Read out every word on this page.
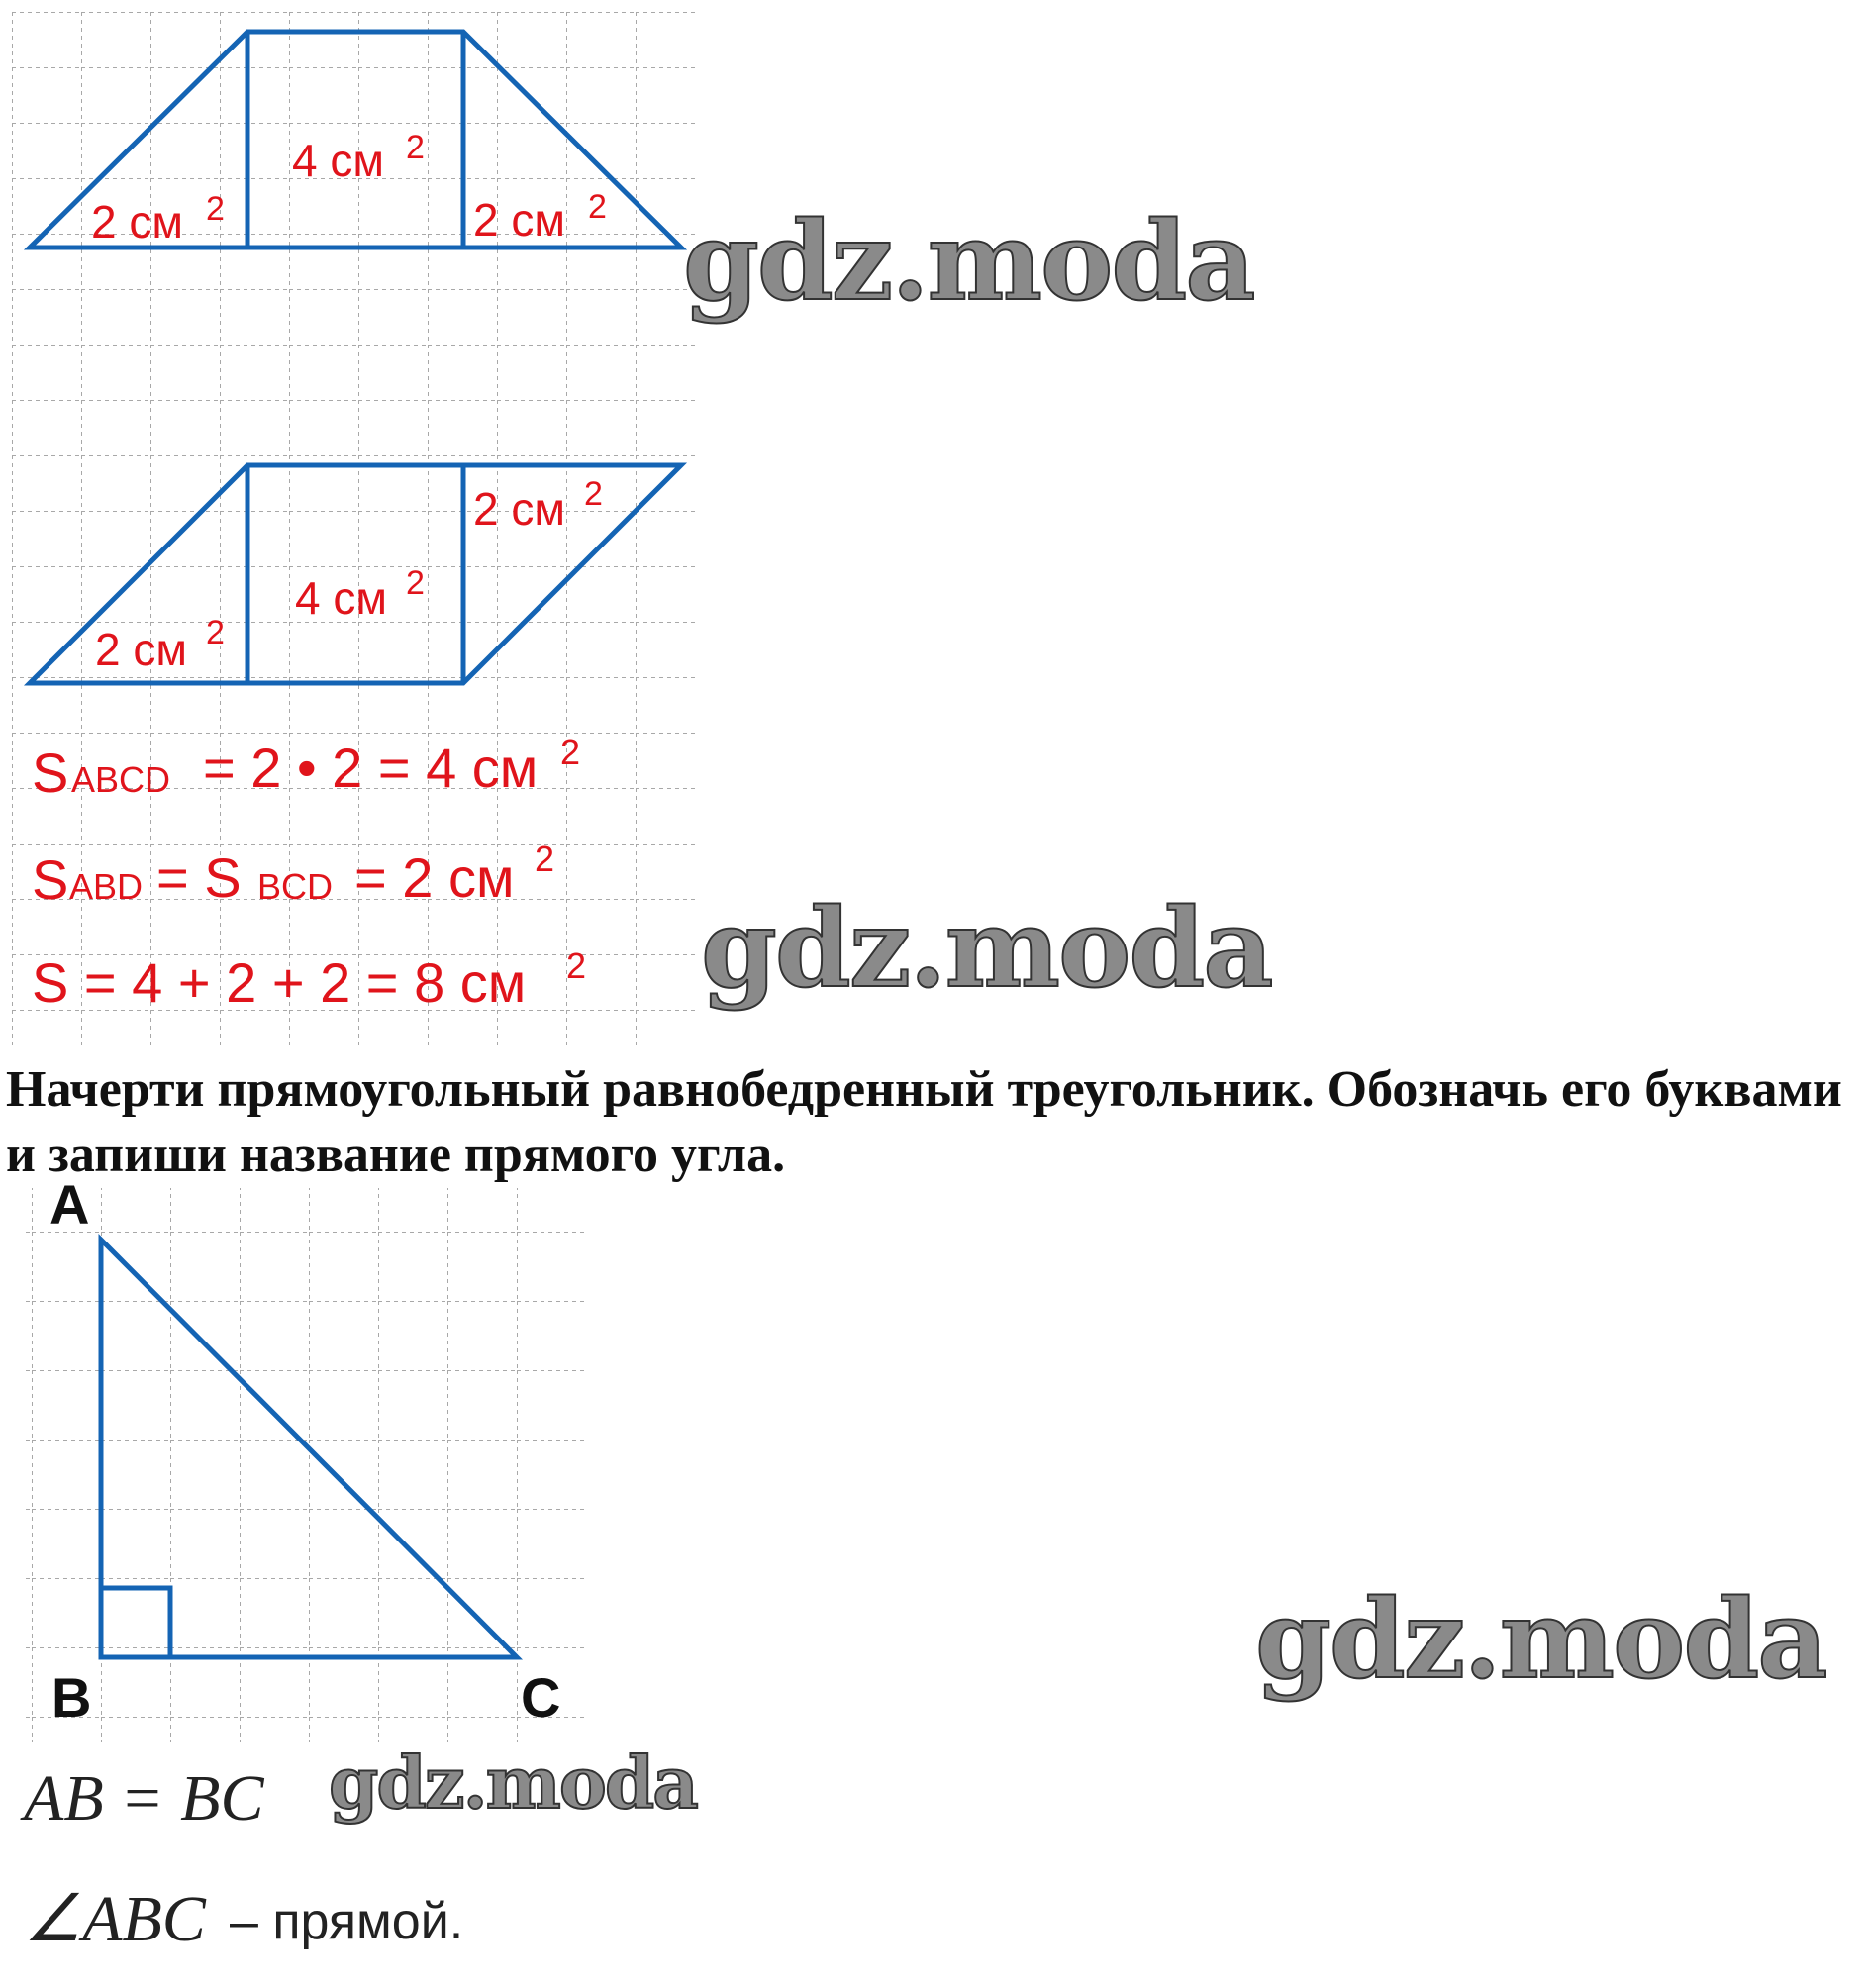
4 см 2
2 см 2	2 см 2
2 см 2
4 см 2
2 см 2
S ABCD = 2 • 2 = 4 см 2
S ABD = S BCD = 2 см 2
S = 4 + 2 + 2 = 8 см 2
A
B	C
AB = BC
∠ABC – прямой.
gdz.moda
gdz.moda
gdz.moda
gdz.moda
Начерти прямоугольный равнобедренный треугольник. Обозначь его буквами и запиши название прямого угла.
